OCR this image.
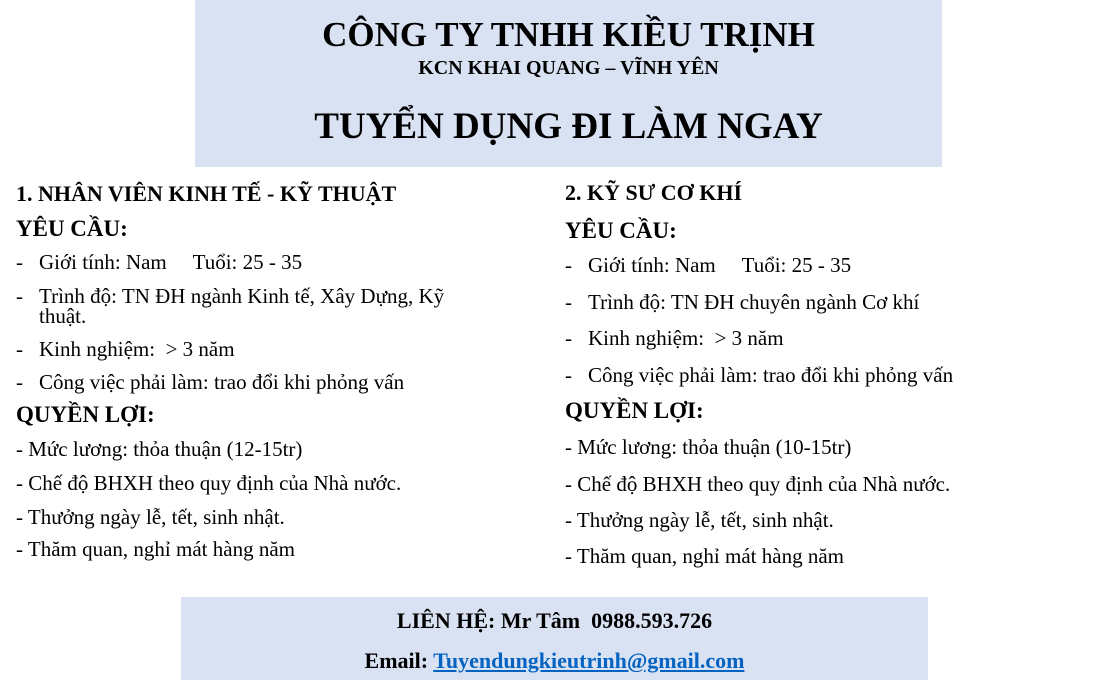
CÔNG TY TNHH KIỀU TRỊNH
KCN KHAI QUANG – VĨNH YÊN
TUYỂN DỤNG ĐI LÀM NGAY
1. NHÂN VIÊN KINH TẾ - KỸ THUẬT
YÊU CẦU:
- Giới tính: Nam     Tuổi: 25 - 35
- Trình độ: TN ĐH ngành Kinh tế, Xây Dựng, Kỹ
thuật.
- Kinh nghiệm:  > 3 năm
- Công việc phải làm: trao đổi khi phỏng vấn
QUYỀN LỢI:
- Mức lương: thỏa thuận (12-15tr)
- Chế độ BHXH theo quy định của Nhà nước.
- Thưởng ngày lễ, tết, sinh nhật.
- Thăm quan, nghỉ mát hàng năm
2. KỸ SƯ CƠ KHÍ
YÊU CẦU:
- Giới tính: Nam     Tuổi: 25 - 35
- Trình độ: TN ĐH chuyên ngành Cơ khí
- Kinh nghiệm:  > 3 năm
- Công việc phải làm: trao đổi khi phỏng vấn
QUYỀN LỢI:
- Mức lương: thỏa thuận (10-15tr)
- Chế độ BHXH theo quy định của Nhà nước.
- Thưởng ngày lễ, tết, sinh nhật.
- Thăm quan, nghỉ mát hàng năm
LIÊN HỆ: Mr Tâm  0988.593.726
Email: Tuyendungkieutrinh@gmail.com
